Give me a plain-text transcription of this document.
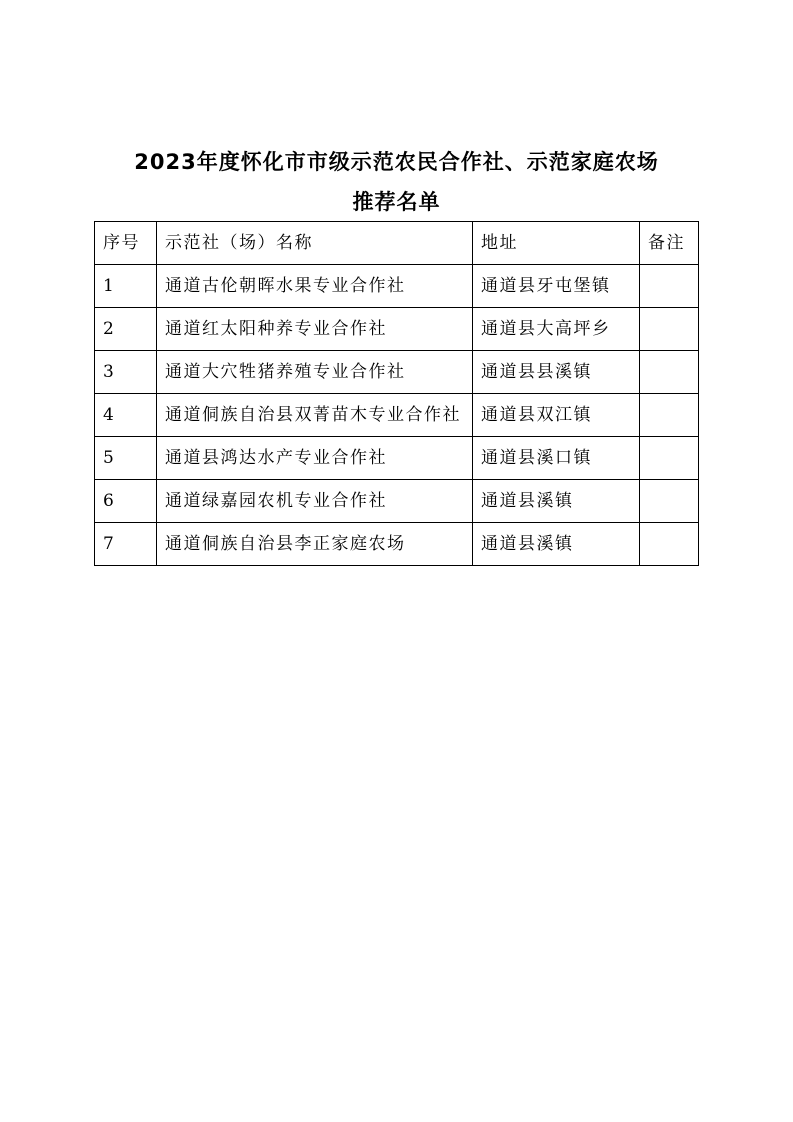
2023年度怀化市市级示范农民合作社、示范家庭农场
推荐名单
序号	示范社（场）名称	地址	备注
1	通道古伦朝晖水果专业合作社	通道县牙屯堡镇	
2	通道红太阳种养专业合作社	通道县大高坪乡	
3	通道大穴牲猪养殖专业合作社	通道县县溪镇	
4	通道侗族自治县双菁苗木专业合作社	通道县双江镇	
5	通道县鸿达水产专业合作社	通道县溪口镇	
6	通道绿嘉园农机专业合作社	通道县溪镇	
7	通道侗族自治县李正家庭农场	通道县溪镇	
